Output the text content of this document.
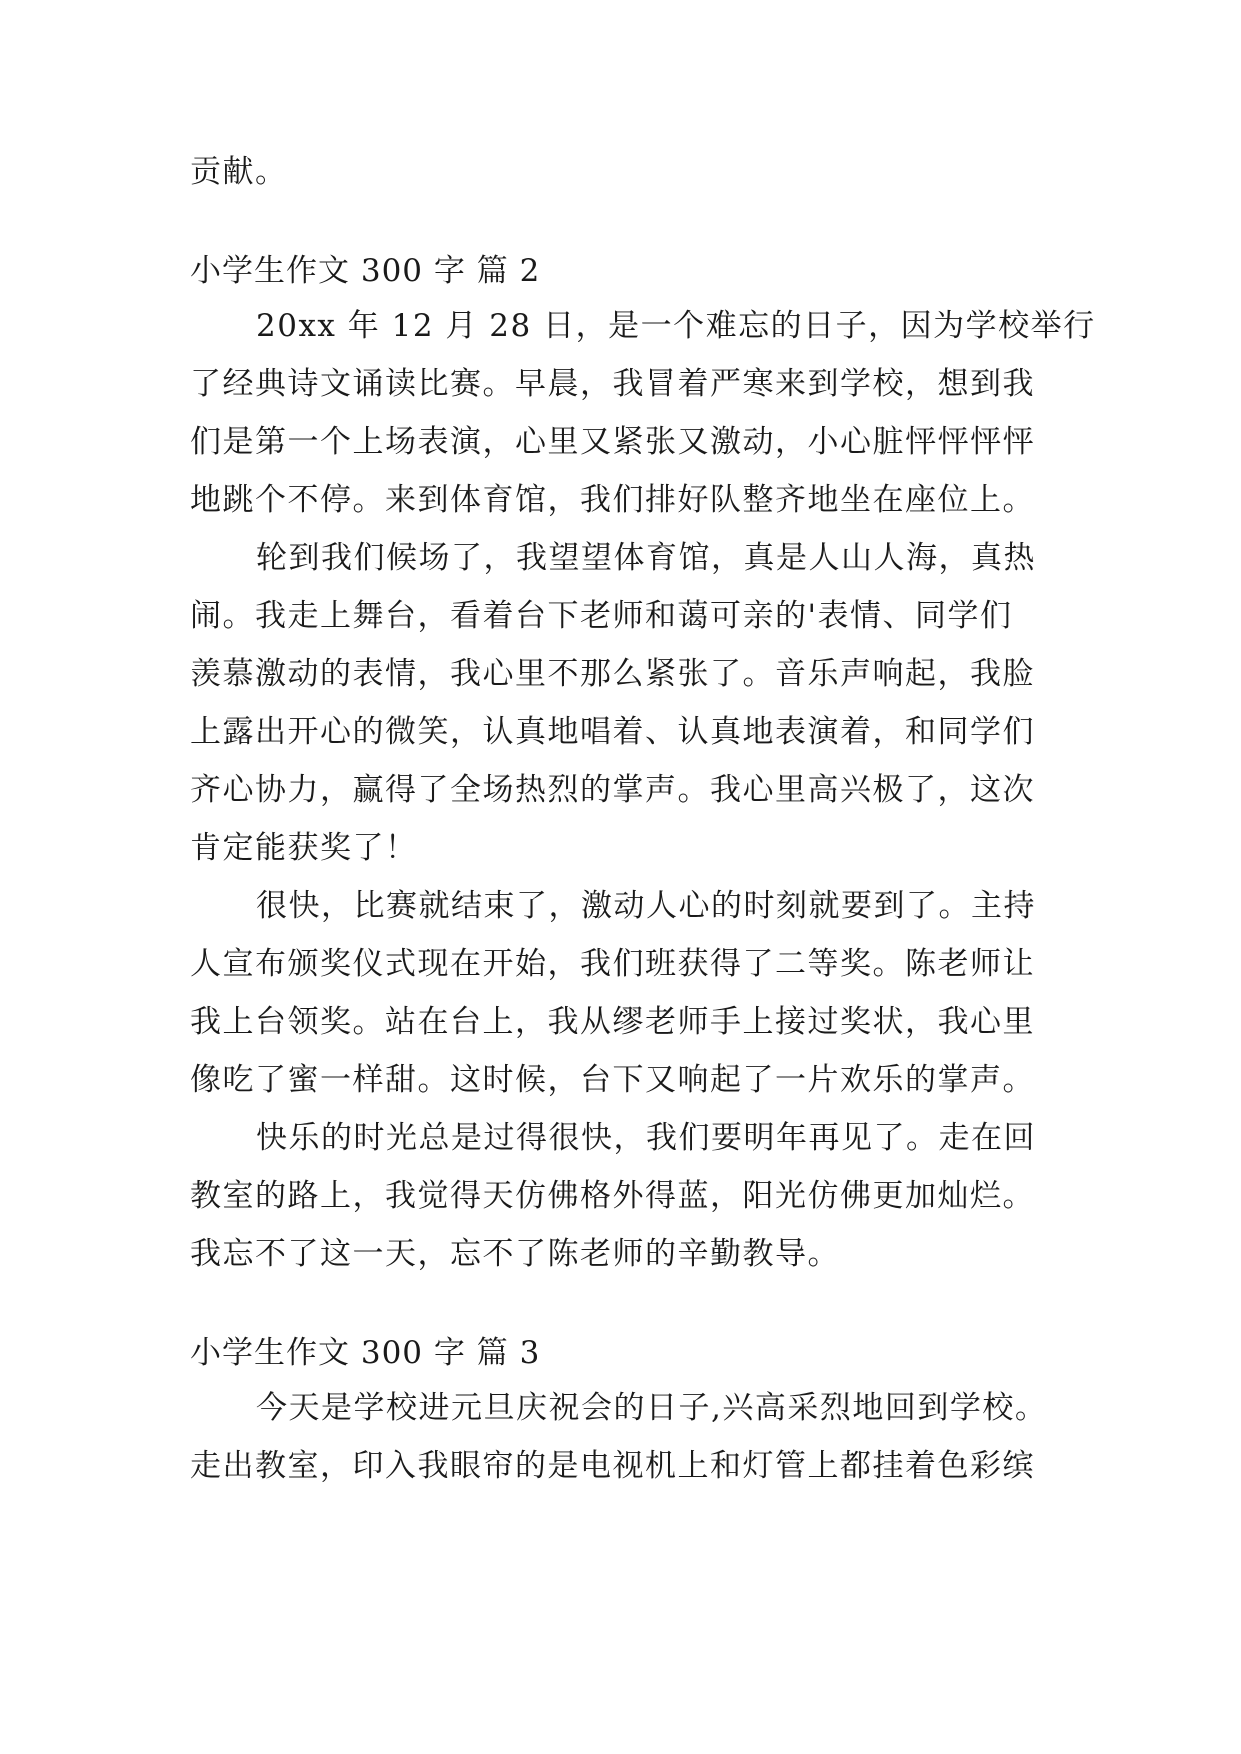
贡献。
小学生作文 300 字 篇 2
20xx 年 12 月 28 日，是一个难忘的日子，因为学校举行
了经典诗文诵读比赛。早晨，我冒着严寒来到学校，想到我
们是第一个上场表演，心里又紧张又激动，小心脏怦怦怦怦
地跳个不停。来到体育馆，我们排好队整齐地坐在座位上。
轮到我们候场了，我望望体育馆，真是人山人海，真热
闹。我走上舞台，看着台下老师和蔼可亲的'表情、同学们
羡慕激动的表情，我心里不那么紧张了。音乐声响起，我脸
上露出开心的微笑，认真地唱着、认真地表演着，和同学们
齐心协力，赢得了全场热烈的掌声。我心里高兴极了，这次
肯定能获奖了！
很快，比赛就结束了，激动人心的时刻就要到了。主持
人宣布颁奖仪式现在开始，我们班获得了二等奖。陈老师让
我上台领奖。站在台上，我从缪老师手上接过奖状，我心里
像吃了蜜一样甜。这时候，台下又响起了一片欢乐的掌声。
快乐的时光总是过得很快，我们要明年再见了。走在回
教室的路上，我觉得天仿佛格外得蓝，阳光仿佛更加灿烂。
我忘不了这一天，忘不了陈老师的辛勤教导。
小学生作文 300 字 篇 3
今天是学校进元旦庆祝会的日子,兴高采烈地回到学校。
走出教室，印入我眼帘的是电视机上和灯管上都挂着色彩缤
